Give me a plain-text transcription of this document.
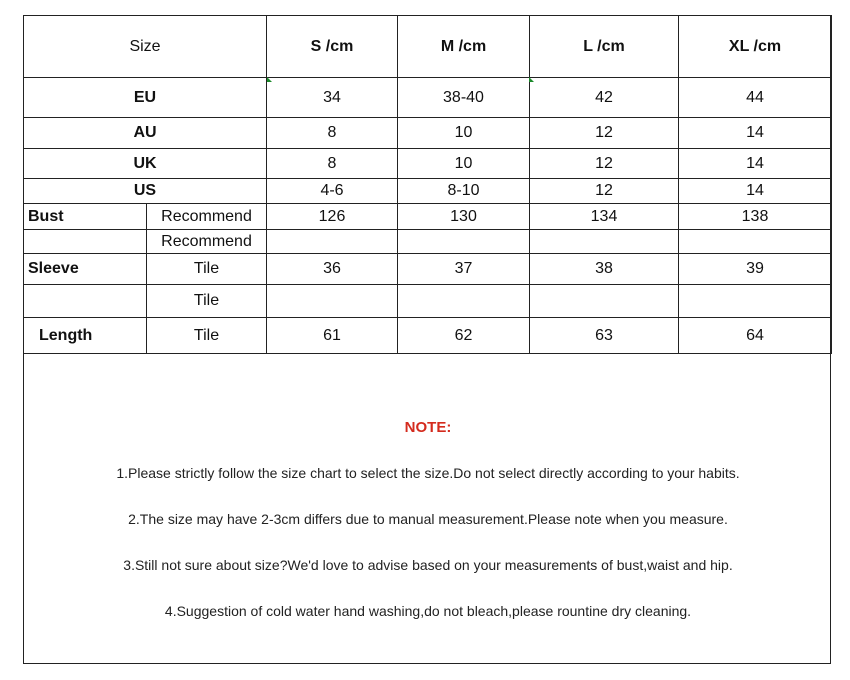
Size		S /cm	M /cm	L /cm	XL /cm
EU		34	38-40	42	44
AU		8	10	12	14
UK		8	10	12	14
US		4-6	8-10	12	14
Bust	Recommend	126	130	134	138
	Recommend				
Sleeve	Tile	36	37	38	39
	Tile				
Length	Tile	61	62	63	64
NOTE:
1.Please strictly follow the size chart to select the size.Do not select directly according to your habits.
2.The size may have 2-3cm differs due to manual measurement.Please note when you measure.
3.Still not sure about size?We'd love to advise based on your measurements of bust,waist and hip.
4.Suggestion of cold water hand washing,do not bleach,please rountine dry cleaning.
